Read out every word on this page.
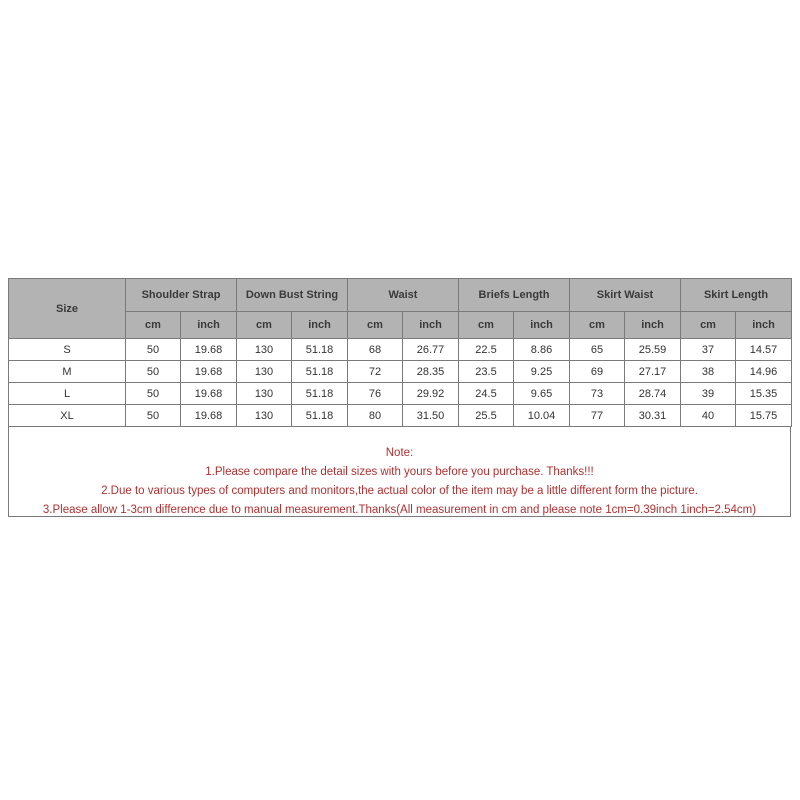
Size	Shoulder Strap		Down Bust String		Waist		Briefs Length		Skirt Waist		Skirt Length	
	cm	inch	cm	inch	cm	inch	cm	inch	cm	inch	cm	inch
S	50	19.68	130	51.18	68	26.77	22.5	8.86	65	25.59	37	14.57
M	50	19.68	130	51.18	72	28.35	23.5	9.25	69	27.17	38	14.96
L	50	19.68	130	51.18	76	29.92	24.5	9.65	73	28.74	39	15.35
XL	50	19.68	130	51.18	80	31.50	25.5	10.04	77	30.31	40	15.75
Note:
1.Please compare the detail sizes with yours before you purchase. Thanks!!!
2.Due to various types of computers and monitors,the actual color of the item may be a little different form the picture.
3.Please allow 1-3cm difference due to manual measurement.Thanks(All measurement in cm and please note 1cm=0.39inch 1inch=2.54cm)
